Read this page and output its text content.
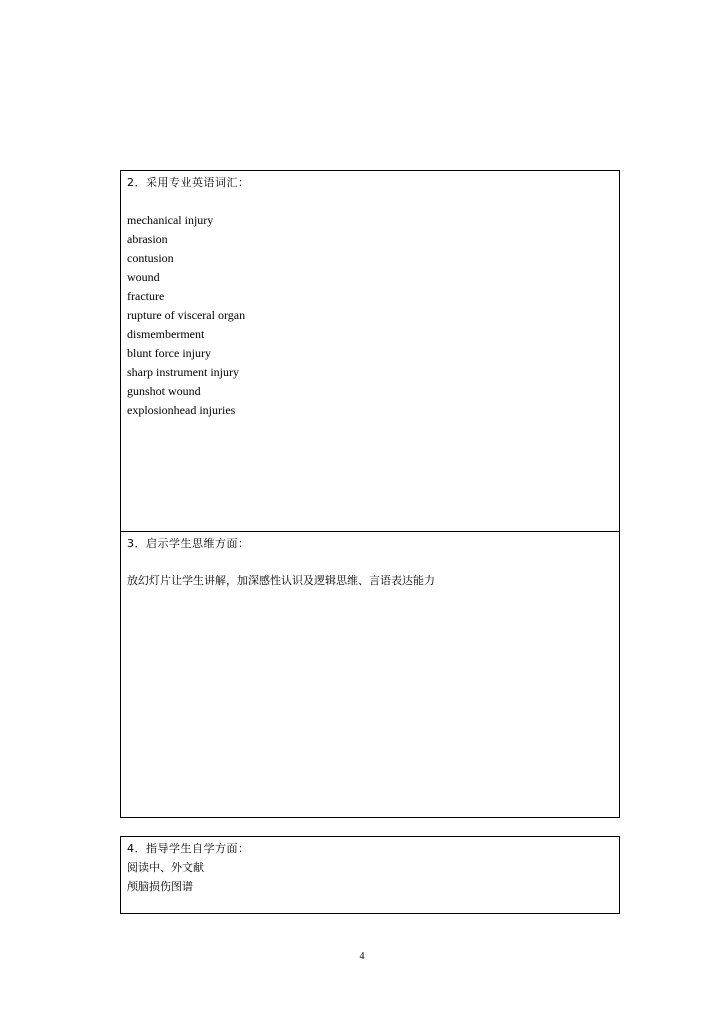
2．采用专业英语词汇：
mechanical injury
abrasion
contusion
wound
fracture
rupture of visceral organ
dismemberment
blunt force injury
sharp instrument injury
gunshot wound
explosionhead injuries
3．启示学生思维方面：

放幻灯片让学生讲解，加深感性认识及逻辑思维、言语表达能力

4．指导学生自学方面：
阅读中、外文献
颅脑损伤图谱
4
